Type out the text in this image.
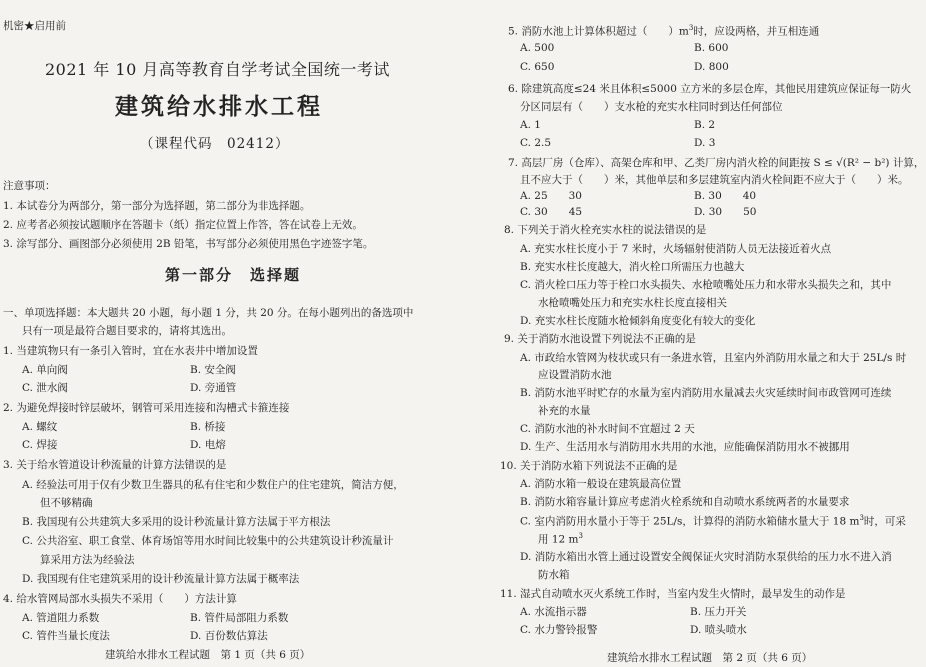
机密★启用前
2021 年 10 月高等教育自学考试全国统一考试
建筑给水排水工程
（课程代码　02412）
注意事项：
1. 本试卷分为两部分，第一部分为选择题，第二部分为非选择题。
2. 应考者必须按试题顺序在答题卡（纸）指定位置上作答，答在试卷上无效。
3. 涂写部分、画图部分必须使用 2B 铅笔，书写部分必须使用黑色字迹签字笔。
第一部分　选择题
一、单项选择题：本大题共 20 小题，每小题 1 分，共 20 分。在每小题列出的备选项中
只有一项是最符合题目要求的，请将其选出。
1. 当建筑物只有一条引入管时，宜在水表井中增加设置
A. 单向阀	B. 安全阀
C. 泄水阀	D. 旁通管
2. 为避免焊接时锌层破坏，钢管可采用连接和沟槽式卡箍连接
A. 螺纹	B. 桥接
C. 焊接	D. 电熔
3. 关于给水管道设计秒流量的计算方法错误的是
A. 经验法可用于仅有少数卫生器具的私有住宅和少数住户的住宅建筑，简洁方便，
但不够精确
B. 我国现有公共建筑大多采用的设计秒流量计算方法属于平方根法
C. 公共浴室、职工食堂、体育场馆等用水时间比较集中的公共建筑设计秒流量计
算采用方法为经验法
D. 我国现有住宅建筑采用的设计秒流量计算方法属于概率法
4. 给水管网局部水头损失不采用（　　）方法计算
A. 管道阻力系数	B. 管件局部阻力系数
C. 管件当量长度法	D. 百份数估算法
建筑给水排水工程试题　第 1 页（共 6 页）
5. 消防水池上计算体积超过（　　）$m^3$时，应设两格，并互相连通
A. 500	B. 600
C. 650	D. 800
6. 除建筑高度≤24 米且体积≤5000 立方米的多层仓库，其他民用建筑应保证每一防火
分区同层有（　　）支水枪的充实水柱同时到达任何部位
A. 1	B. 2
C. 2.5	D. 3
7. 高层厂房（仓库）、高架仓库和甲、乙类厂房内消火栓的间距按 S ≤ √(R² − b²) 计算，
且不应大于（　　）米，其他单层和多层建筑室内消火栓间距不应大于（　　）米。
A. 25　　30	B. 30　　40
C. 30　　45	D. 30　　50
8. 下列关于消火栓充实水柱的说法错误的是
A. 充实水柱长度小于 7 米时，火场辐射使消防人员无法接近着火点
B. 充实水柱长度越大，消火栓口所需压力也越大
C. 消火栓口压力等于栓口水头损失、水枪喷嘴处压力和水带水头损失之和，其中
水枪喷嘴处压力和充实水柱长度直接相关
D. 充实水柱长度随水枪倾斜角度变化有较大的变化
9. 关于消防水池设置下列说法不正确的是
A. 市政给水管网为枝状或只有一条进水管，且室内外消防用水量之和大于 25L/s 时
应设置消防水池
B. 消防水池平时贮存的水量为室内消防用水量减去火灾延续时间市政管网可连续
补充的水量
C. 消防水池的补水时间不宜超过 2 天
D. 生产、生活用水与消防用水共用的水池，应能确保消防用水不被挪用
10. 关于消防水箱下列说法不正确的是
A. 消防水箱一般设在建筑最高位置
B. 消防水箱容量计算应考虑消火栓系统和自动喷水系统两者的水量要求
C. 室内消防用水量小于等于 25L/s，计算得的消防水箱储水量大于 18 $m^3$时，可采
用 12 $m^3$
D. 消防水箱出水管上通过设置安全阀保证火灾时消防水泵供给的压力水不进入消
防水箱
11. 湿式自动喷水灭火系统工作时，当室内发生火情时，最早发生的动作是
A. 水流指示器	B. 压力开关
C. 水力警铃报警	D. 喷头喷水
建筑给水排水工程试题　第 2 页（共 6 页）
